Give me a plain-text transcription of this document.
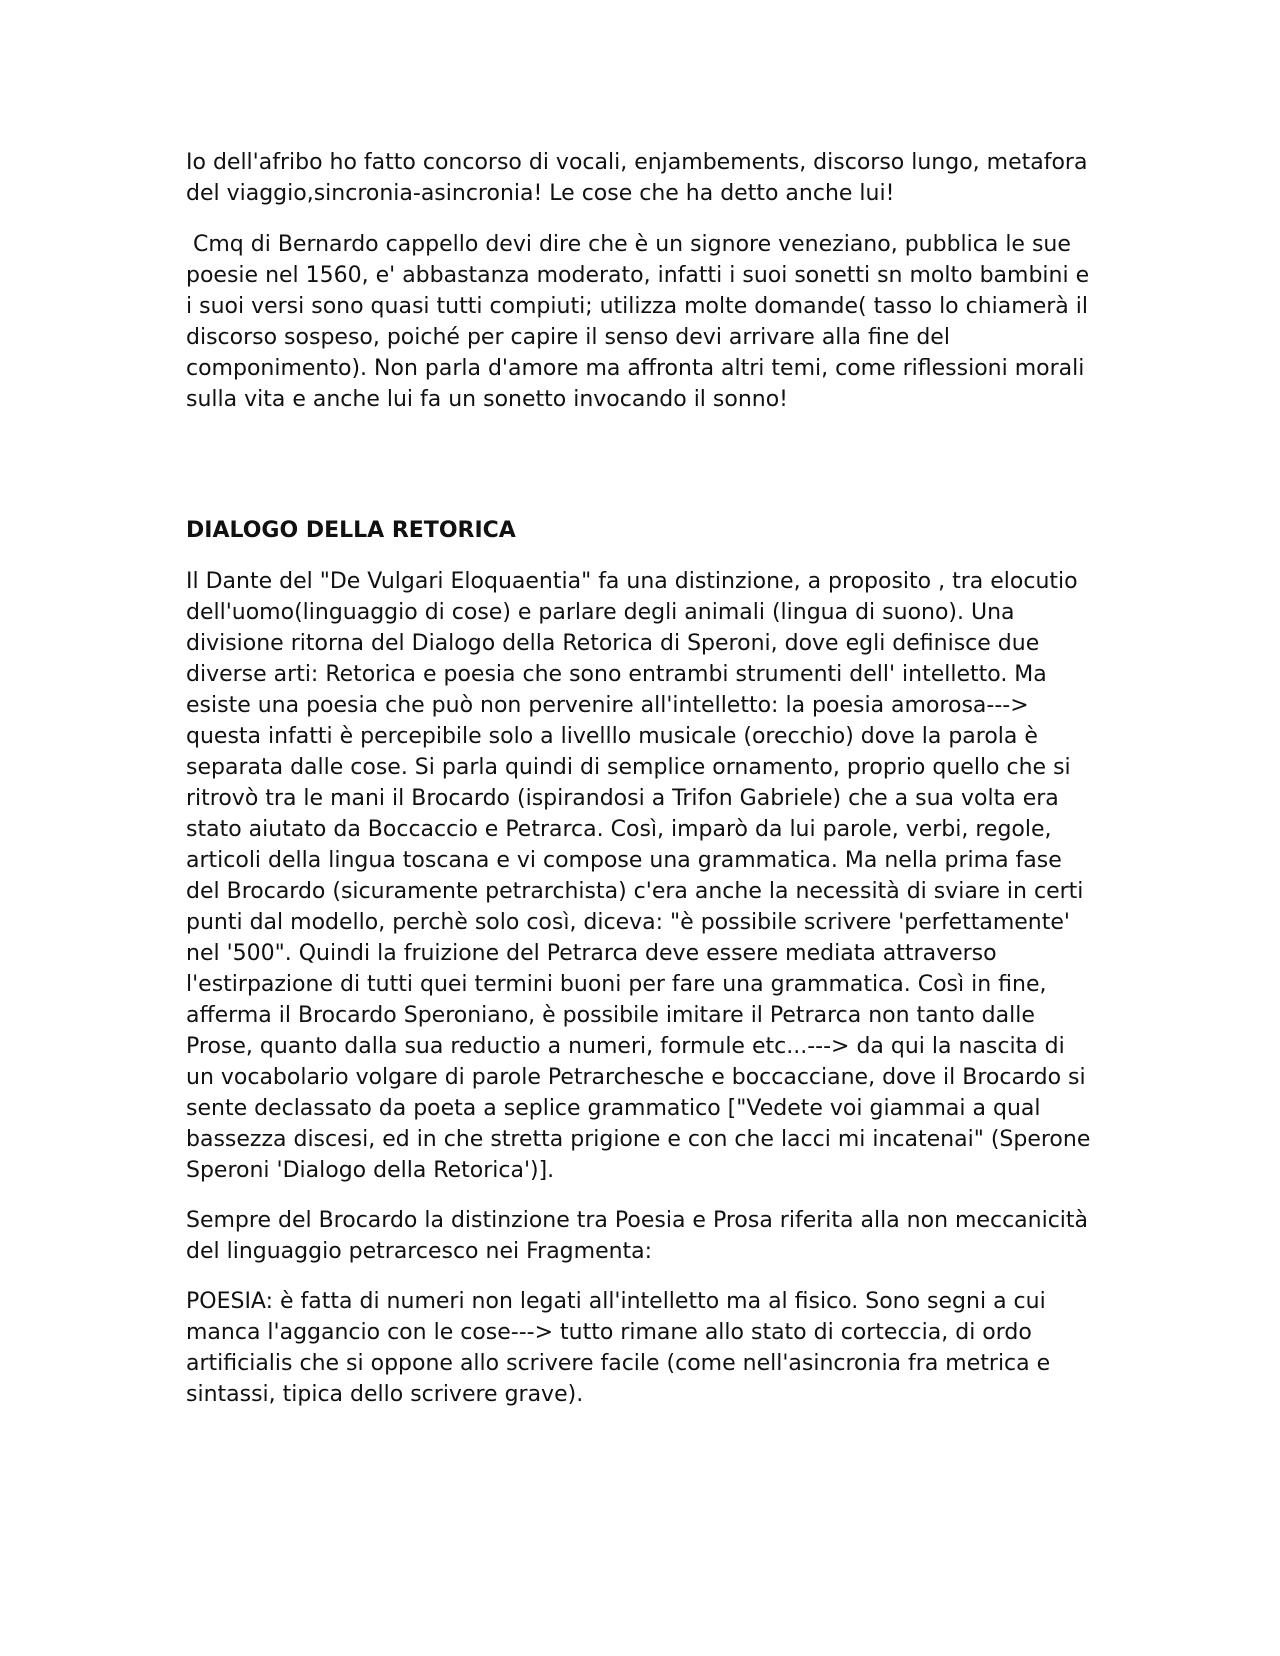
Io dell'afribo ho fatto concorso di vocali, enjambements, discorso lungo, metafora del viaggio,sincronia-asincronia! Le cose che ha detto anche lui!

Cmq di Bernardo cappello devi dire che è un signore veneziano, pubblica le sue poesie nel 1560, e' abbastanza moderato, infatti i suoi sonetti sn molto bambini e i suoi versi sono quasi tutti compiuti; utilizza molte domande( tasso lo chiamerà il discorso sospeso, poiché per capire il senso devi arrivare alla fine del componimento). Non parla d'amore ma affronta altri temi, come riflessioni morali sulla vita e anche lui fa un sonetto invocando il sonno!

DIALOGO DELLA RETORICA

Il Dante del "De Vulgari Eloquaentia" fa una distinzione, a proposito , tra elocutio dell'uomo(linguaggio di cose) e parlare degli animali (lingua di suono). Una divisione ritorna del Dialogo della Retorica di Speroni, dove egli definisce due diverse arti: Retorica e poesia che sono entrambi strumenti dell' intelletto. Ma esiste una poesia che può non pervenire all'intelletto: la poesia amorosa---> questa infatti è percepibile solo a livelllo musicale (orecchio) dove la parola è separata dalle cose. Si parla quindi di semplice ornamento, proprio quello che si ritrovò tra le mani il Brocardo (ispirandosi a Trifon Gabriele) che a sua volta era stato aiutato da Boccaccio e Petrarca. Così, imparò da lui parole, verbi, regole, articoli della lingua toscana e vi compose una grammatica. Ma nella prima fase del Brocardo (sicuramente petrarchista) c'era anche la necessità di sviare in certi punti dal modello, perchè solo così, diceva: "è possibile scrivere 'perfettamente' nel '500". Quindi la fruizione del Petrarca deve essere mediata attraverso l'estirpazione di tutti quei termini buoni per fare una grammatica. Così in fine, afferma il Brocardo Speroniano, è possibile imitare il Petrarca non tanto dalle Prose, quanto dalla sua reductio a numeri, formule etc...---> da qui la nascita di un vocabolario volgare di parole Petrarchesche e boccacciane, dove il Brocardo si sente declassato da poeta a seplice grammatico ["Vedete voi giammai a qual bassezza discesi, ed in che stretta prigione e con che lacci mi incatenai" (Sperone Speroni 'Dialogo della Retorica')].

Sempre del Brocardo la distinzione tra Poesia e Prosa riferita alla non meccanicità del linguaggio petrarcesco nei Fragmenta:

POESIA: è fatta di numeri non legati all'intelletto ma al fisico. Sono segni a cui manca l'aggancio con le cose---> tutto rimane allo stato di corteccia, di ordo artificialis che si oppone allo scrivere facile (come nell'asincronia fra metrica e sintassi, tipica dello scrivere grave).
